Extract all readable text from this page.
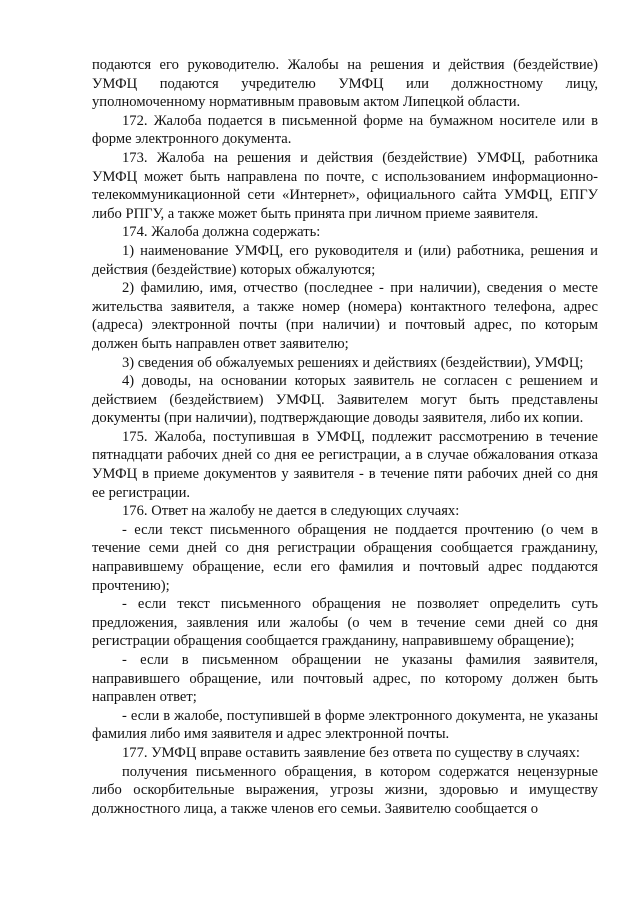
подаются его руководителю. Жалобы на решения и действия (бездействие) УМФЦ подаются учредителю УМФЦ или должностному лицу, уполномоченному нормативным правовым актом Липецкой области.

172. Жалоба подается в письменной форме на бумажном носителе или в форме электронного документа.

173. Жалоба на решения и действия (бездействие) УМФЦ, работника УМФЦ может быть направлена по почте, с использованием информационно-телекоммуникационной сети «Интернет», официального сайта УМФЦ, ЕПГУ либо РПГУ, а также может быть принята при личном приеме заявителя.

174. Жалоба должна содержать:

1) наименование УМФЦ, его руководителя и (или) работника, решения и действия (бездействие) которых обжалуются;

2) фамилию, имя, отчество (последнее - при наличии), сведения о месте жительства заявителя, а также номер (номера) контактного телефона, адрес (адреса) электронной почты (при наличии) и почтовый адрес, по которым должен быть направлен ответ заявителю;

3) сведения об обжалуемых решениях и действиях (бездействии), УМФЦ;

4) доводы, на основании которых заявитель не согласен с решением и действием (бездействием) УМФЦ. Заявителем могут быть представлены документы (при наличии), подтверждающие доводы заявителя, либо их копии.

175. Жалоба, поступившая в УМФЦ, подлежит рассмотрению в течение пятнадцати рабочих дней со дня ее регистрации, а в случае обжалования отказа УМФЦ в приеме документов у заявителя - в течение пяти рабочих дней со дня ее регистрации.

176. Ответ на жалобу не дается в следующих случаях:

- если текст письменного обращения не поддается прочтению (о чем в течение семи дней со дня регистрации обращения сообщается гражданину, направившему обращение, если его фамилия и почтовый адрес поддаются прочтению);

- если текст письменного обращения не позволяет определить суть предложения, заявления или жалобы (о чем в течение семи дней со дня регистрации обращения сообщается гражданину, направившему обращение);

- если в письменном обращении не указаны фамилия заявителя, направившего обращение, или почтовый адрес, по которому должен быть направлен ответ;

- если в жалобе, поступившей в форме электронного документа, не указаны фамилия либо имя заявителя и адрес электронной почты.

177. УМФЦ вправе оставить заявление без ответа по существу в случаях:

получения письменного обращения, в котором содержатся нецензурные либо оскорбительные выражения, угрозы жизни, здоровью и имуществу должностного лица, а также членов его семьи. Заявителю сообщается о
